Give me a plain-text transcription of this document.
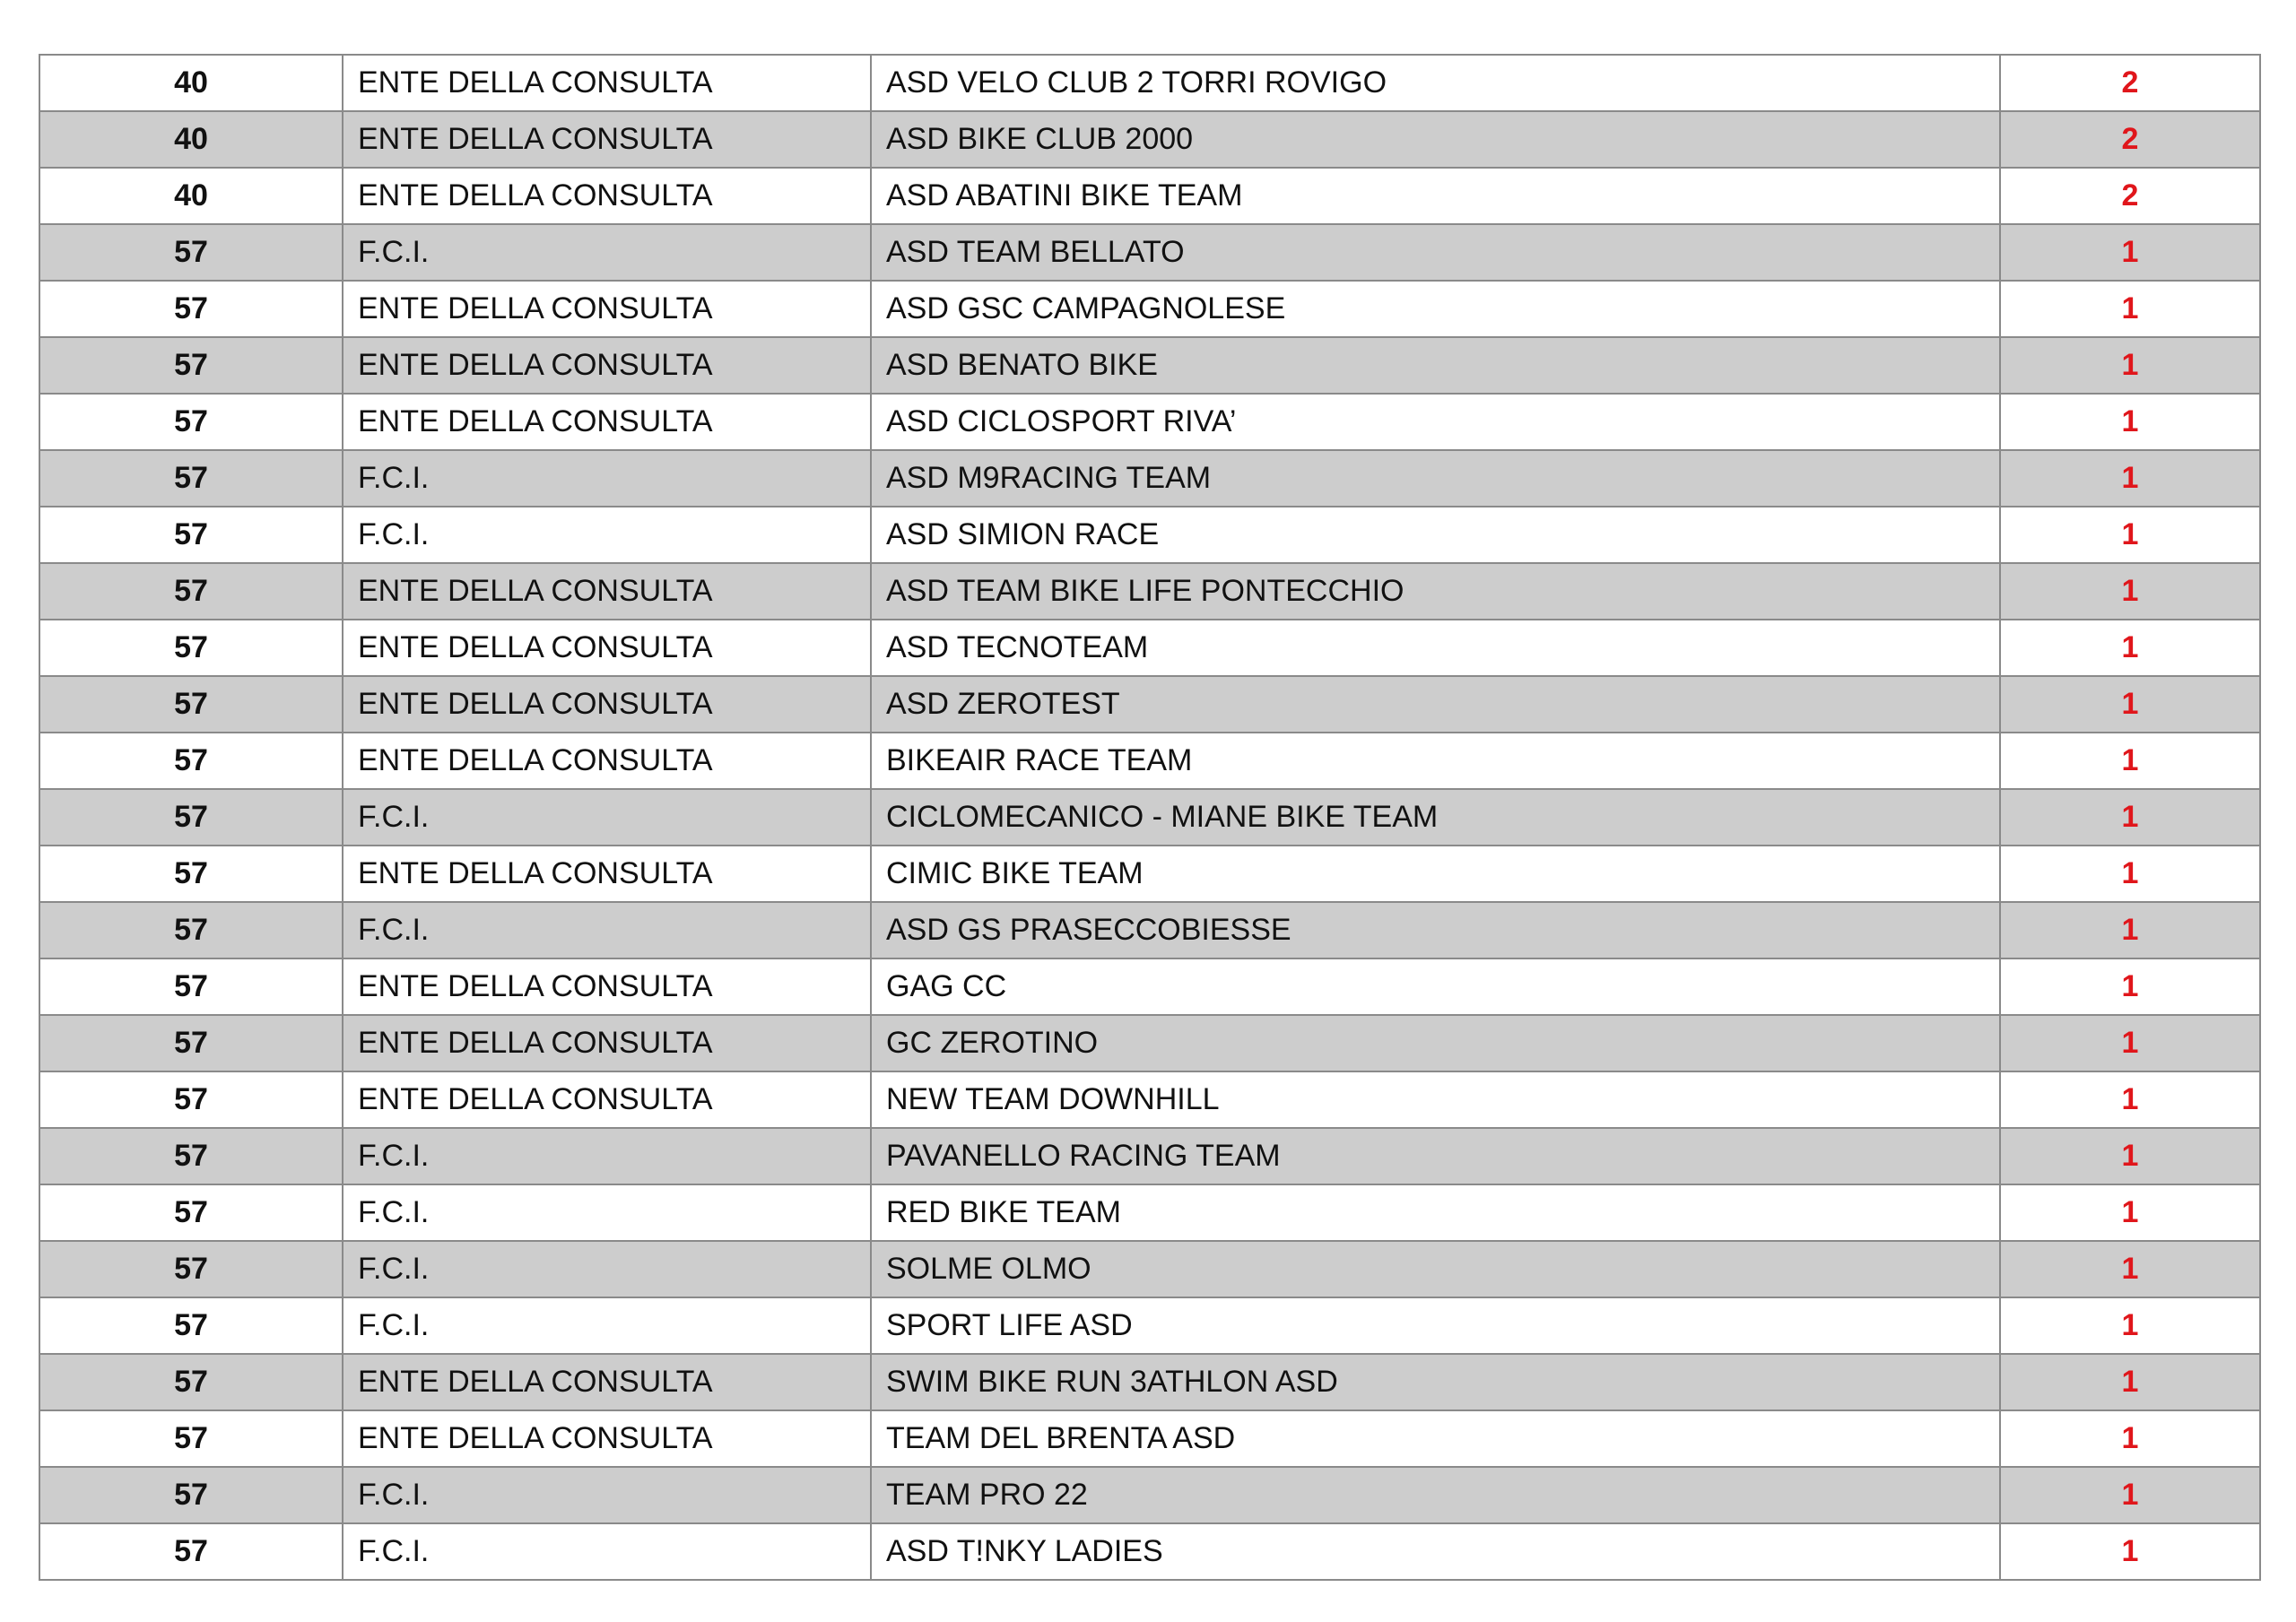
40	ENTE DELLA CONSULTA	ASD VELO CLUB 2 TORRI ROVIGO	2
40	ENTE DELLA CONSULTA	ASD BIKE CLUB 2000	2
40	ENTE DELLA CONSULTA	ASD ABATINI BIKE TEAM	2
57	F.C.I.	ASD TEAM BELLATO	1
57	ENTE DELLA CONSULTA	ASD GSC CAMPAGNOLESE	1
57	ENTE DELLA CONSULTA	ASD BENATO BIKE	1
57	ENTE DELLA CONSULTA	ASD CICLOSPORT RIVA’	1
57	F.C.I.	ASD M9RACING TEAM	1
57	F.C.I.	ASD SIMION RACE	1
57	ENTE DELLA CONSULTA	ASD TEAM BIKE LIFE PONTECCHIO	1
57	ENTE DELLA CONSULTA	ASD TECNOTEAM	1
57	ENTE DELLA CONSULTA	ASD ZEROTEST	1
57	ENTE DELLA CONSULTA	BIKEAIR RACE TEAM	1
57	F.C.I.	CICLOMECANICO - MIANE BIKE TEAM	1
57	ENTE DELLA CONSULTA	CIMIC BIKE TEAM	1
57	F.C.I.	ASD GS PRASECCOBIESSE	1
57	ENTE DELLA CONSULTA	GAG CC	1
57	ENTE DELLA CONSULTA	GC ZEROTINO	1
57	ENTE DELLA CONSULTA	NEW TEAM DOWNHILL	1
57	F.C.I.	PAVANELLO RACING TEAM	1
57	F.C.I.	RED BIKE TEAM	1
57	F.C.I.	SOLME OLMO	1
57	F.C.I.	SPORT LIFE ASD	1
57	ENTE DELLA CONSULTA	SWIM BIKE RUN 3ATHLON ASD	1
57	ENTE DELLA CONSULTA	TEAM DEL BRENTA ASD	1
57	F.C.I.	TEAM PRO 22	1
57	F.C.I.	ASD T!NKY LADIES	1
